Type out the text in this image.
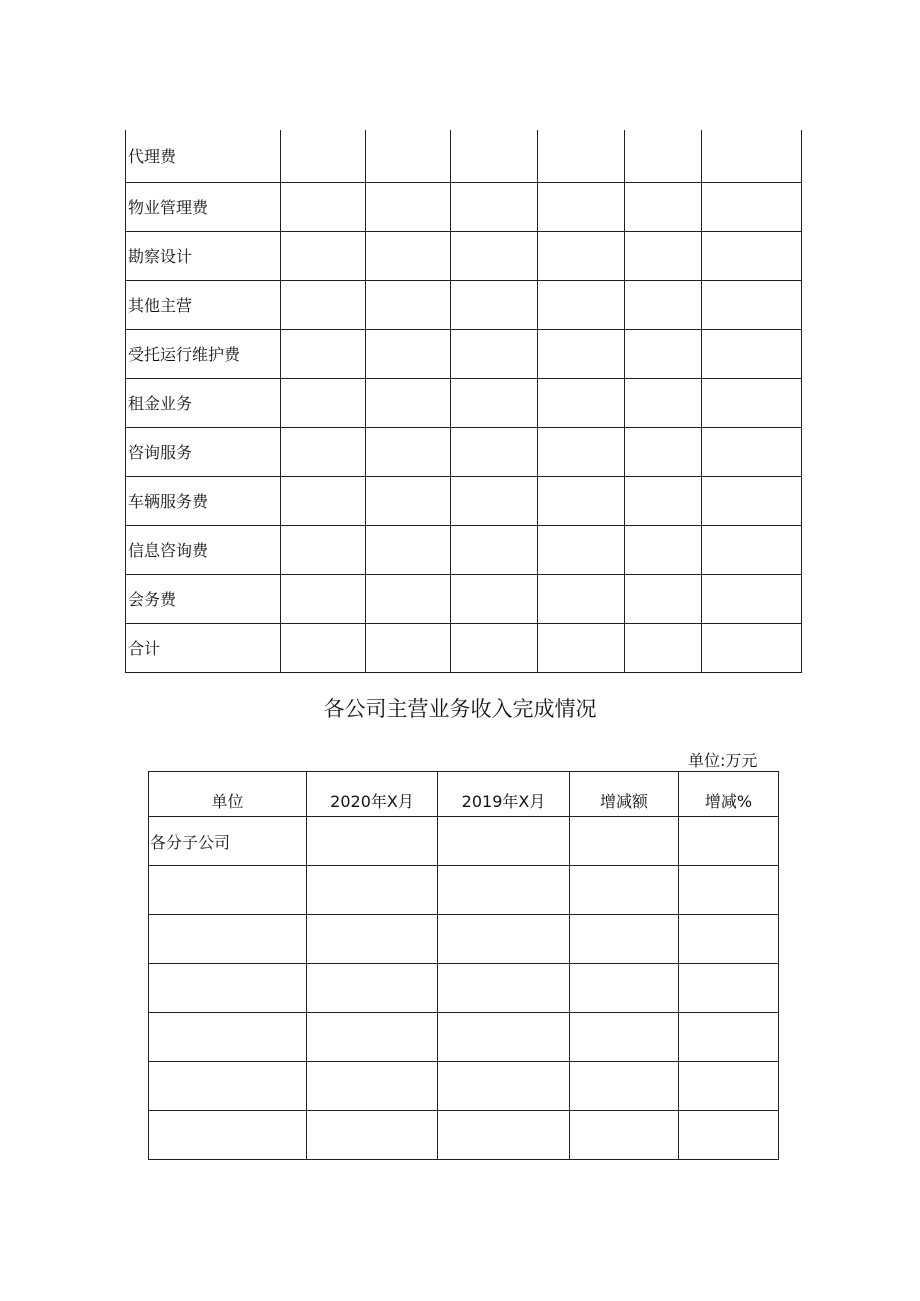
代理费						
物业管理费						
勘察设计						
其他主营						
受托运行维护费						
租金业务						
咨询服务						
车辆服务费						
信息咨询费						
会务费						
合计						
各公司主营业务收入完成情况
单位:万元
单位	2020年X月	2019年X月	增减额	增减%
各分子公司				
